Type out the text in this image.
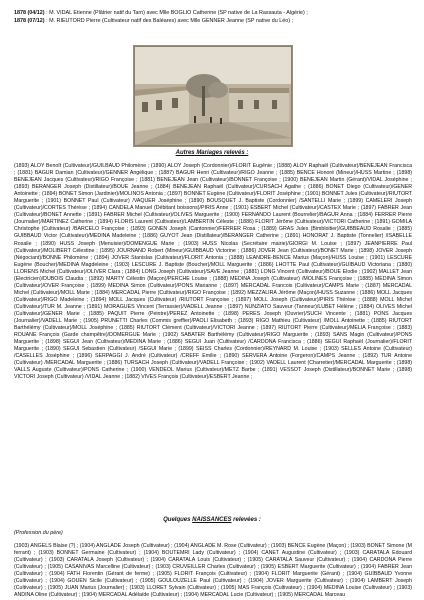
1878 (04/12) : M. VIDAL Etienne (Plâtrier natif du Tarn) avec Mlle BOGLIO Catherine (SP native de La Rassauta - Algérie) ;

1878 (07/12) : M. RIEUTORD Pierre (Cultivateur natif des Baléares) avec Mlle GENNER Jeanne (SP native du Léo) ;

Autres Mariages relevés :

(1893) ALOY Benoît (Cultivateur)/GUILBAUD Philomène ; (1890) ALOY Joseph (Cordonnier)/FLORIT Eugénie ; (1888) ALOY Raphaël (Cultivateur)/BENEJEAN Francisca ; (1881) BAGUR Damian (Cultivateur)/GENNER Angélique ; (1887) BAGUR Henri (Cultivateur)/RIGO Jeanne ; (1885) BENCE Honoré (Mineur)/HUSS Martine ; (1898) BENEJEAN Jacques (Cultivateur)/RIGO Françoise ; (1881) BENEJEAN Jean (Cultivateur)/BONNET Françoise ; (1900) BENEJEAN Martin (Gérant)/VIDAL Joséphine ; (1893) BERANGER Joseph (Distillateur)/BOUE Jeanne ; (1884) BENEJEAN Raphaël (Cultivateur)/CURSACH Agathe ; (1886) BONET Diego (Cultivateur)/GENER Antoinette ; (1894) BONET Simon (Jardinier)/MOLINOS Antonia ; (1897) BONNET Eugène (Cultivateur)/FLORIT Joséphine ; (1901) BONNET Jules (Cultivateur)/RIUTORT Marguerite ; (1901) BONNET Paul (Cultivateur) /VAQUER Joséphine ; (1890) BOUSQUET J. Baptiste (Cordonnier) /SANTELLI Marie ; (1899) CAMELERI Joseph (Cultivateur)/CORTES Thérèse ; (1894) CANDELA Manuel (Débitant boissons)/PIRIS Anne ; (1901) ESBERT Michel (Cultivateur)/CASTEX Marie ; (1897) FABRER Jean (Cultivateur)/BONET Annette ; (1891) FABRER Michel (Cultivateur)/OLIVES Marguerite ; (1900) FERNANDO Laurent (Bourrelier)/BAGUR Anna ; (1884) FERRER Pierre (Journalier)/MARTINEZ Catherine ; (1894) FLORIS Laurent (Cultivateur)/LAMBERTIN Céleste ; (1886) FLORIT Jérôme (Cultivateur)/VICTORI Catherine ; (1891) GOMILA Christophe (Cultivateur) /BARCELO Françoise ; (1893) GONEN Joseph (Cantonnier)/FERRER Rosa ; (1889) GRAS Jules (Bimbloitier)/GUIBBEAUD Rosalie ; (1885) GUIBBAUD Victor (Cultivateur)/MEDINA Madeleine ; (1886) GUYOT Jean (Distillateur)/BERANGER Catherine ; (1891) HONORAT J. Baptiste (Tonnelier) /ISABELLE Rosalie ; (1890) HUSS Joseph (Menuisier)/DOMENGUE Marie ; (1903) HUSS Nicolas (Secrétaire mairie)/GIORGI M. Louise ; (1897) JEANPIERRE Paul (Cultivateur)/MOLIBERT Célestine ; (1895) JOURNAND Robert (Mineur)/GUIBBAUD Victorine ; (1886) JOVER Jean (Cultivateur)/BONET Marie ; (1898) JOVER Joseph (Négociant)/BONNE Philomène ; (1894) JOVER Stanislas (Cultivateur)/FLORIT Antonia ; (1888) LEANDRE-BENCE Marius (Maçon)/HUSS Louise ; (1901) LESCURE Eugène (Boucher)/MEDINA Magdeleine ; (1903) LESCURE J. Baptiste (Boucher)/MOLL Marguerite ; (1886) LHOTTE Paul (Cultivateur)/GUIBAUD Victoriana ; (1880) LLORENS Michel (Cultivateur)/OLIVER Clara ; (1884) LONG Joseph (Cultivateur)/SAVE Jeanne ; (1881) LONG Vincent (Cultivateur)/BOUE Elodie ; (1902) MALLET Jean (Electricien)/DUBOIS Claudia ; (1892) MARTY Célestin (Maçon)/PERCHE Louise ; (1888) MEDINA Joseph (Cultivateur) /MOLINES Françoise ; (1885) MEDINA Simon (Cultivateur)/OVER Françoise ; (1899) MEDINA Simon (Cultivateur)/PONS Marianne ; (1897) MERCADAL Francois (Cultivateur)/CAMPS Marie ; (1887) MERCADAL Michel (Cultivateur)/MOLL Marie ; (1884) MERCADAL Pierre (Cultivateur)/RIGO Françoise ; (1892) MEZZALIRA Jérôme (Maçon)/HUSS Suzanne ; (1886) MOLL Jacques (Cultivateur)/RIGO Madeleine ; (1894) MOLL Jacques (Cultivateur) /RIUTORT Françoise ; (1897) MOLL Joseph (Cultivateur)/PIRIS Thérèse ; (1888) MOLL Michel (Cultivateur)/TUR M. Jeanne ; (1891) MORAGUES Vincent (Terrassier)/VADELL Jeanne ; (1897) NUNZIATO Sauveur (Tanneur)/LUBET Hélène ; (1884) OLIVES Michel (Cultivateur)/GENER Marie ; (1885) PAQUIT Pierre (Peintre)/PEREZ Antoinette ; (1898) PERES Joseph (Ouvrier)/SUCH Vincente ; (1881) PONS Jacques (Journalier)/VADELL Marie ; (1905) PRUNETTI Charles (Commis greffier)/PAOLI Elisabeth ; (1893) RIGO Mathieu (Cultivateur) /MOLL Antoinette ; (1885) RIUTORT Barthélémy (Cultivateur)/MOLL Joséphine ; (1885) RIUTORT Clément (Cultivateur)/VICTORI Jeanne ; (1897) RIUTORT Pierre (Cultivateur)/MELIA Françoise ; (1883) ROUANE François (Garde champêtre)/DOMERGUE Marie ; (1902) SABATER Barthélémy (Cultivateur)/RIGO Marguerite ; (1893) SANS Magin (Cultivateur)/PONS Marguerite ; (1898) SEGUI Jean (Cultivateur)/MEDINA Marie ; (1886) SEGUI Juan (Cultivateur) /CARDONA Francisca ; (1886) SEGUI Raphaël (Journalier)/FLORIT Marguerite ; (1890) SEGUI Sebastien (Cultivateur) /SEGUI Marie ; (1899) SEISS Charles (Cordonnier)/REYNARD M. Louise ; (1903) SELLES Antoine (Cultivateur) /CASELLES Joséphine ; (1896) SERPAGGI J. André (Cultivateur) /CREFF Emilie ; (1890) SERVERA Antoine (Forgeron)/CAMPS Jeanne ; (1892) TUR Antoine (Cultivateur) /MERCADAL Marguerite ; (1886) TURSACH Joseph (Cultivateur)/VADELL Françoise ; (1902) VADELL Laurent (Charretier)/MERCADAL Marguerite ; (1898) VALLS Auguste (Cultivateur)/PONS Catherine ; (1900) VENDEOL Marius (Cultivateur)/METZ Barbe ; (1891) VESSOT Joseph (Distillateur)/BONNET Marie ; (1898) VICTORI Joseph (Cultivateur) /VIDAL Jeanne ; (1882) VIVES François (Cultivateur)/ESBERT Jeanne ;

Quelques NAISSANCES relevées :
(Profession du père)

(1903) ANGELS Blaise (?) ; (1904) ANGLADE Joseph (Cultivateur) ; (1904) ANGLADE M. Rose (Cultivateur) ; (1903) BENCE Eugène (Maçon) ; (1903) BONET Simone (M ferrant) ; (1903) BONNET Germaine (Cultivateur) ; (1904) BOUTEMRI Lady (Cultivateur) ; (1904) CANET Augustine (Cultivateur) ; (1903) CARATALA Edouard (Cultivateur) ; (1903) CARATALA Joseph (Cultivateur) ; (1904) CARATALA Louis (Cultivateur) ; (1905) CARATALA Sauveur (Cultivateur) ; (1904) CARDONA Pierre (Cultivateur) ; (1905) CASANIVAS Marcelline (Cultivateur) ; (1903) CRUVEILLER Charles (Cultivateur) ; (1905) ESBERT Marguerite (Cultivateur) ; (1904) FABRER Jean (Cultivateur) ; (1904) FATH Florentin (Gérant de ferme) ; (1905) FLORIT François (Cultivateur) ; (1904) FLORIT Marguerite (Gérant) ; (1904) GUIBBAUD Yvonne (Cultivateur) ; (1904) GOUEN Sicile (Cultivateur) ; (1905) GOULOUZELLE Paul (Cultivateur) ; (1904) JOVER Marguerite (Cultivateur) ; (1904) LAMBERT Joseph (Cultivateur) ; (1905) JUAN Marius (Journalier) ; (1903) LLORET Sylvain (Cultivateur) ; (1905) MAS François (Cultivateur) ; (1904) MEDINA Louise (Cultivateur) ; (1903) ANDINA Oline (Cultivateur) ; (1904) MERCADAL Adélaïde (Cultivateur) ; (1904) MERCADAL Lucie (Cultivateur) ; (1905) MERCADAL Marceau
